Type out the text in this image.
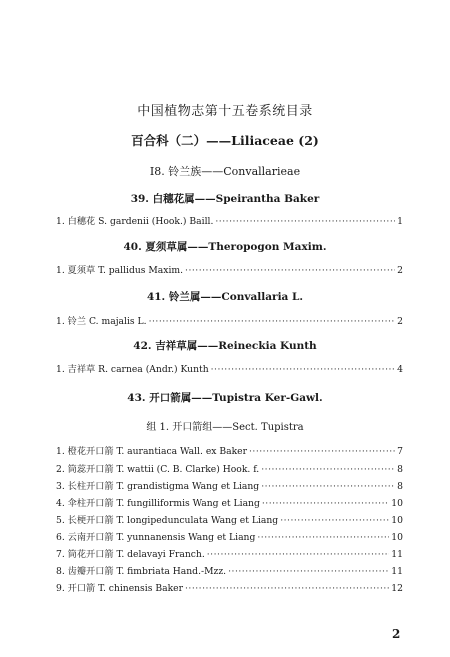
中国植物志第十五卷系统目录
百合科（二）——Liliaceae (2)
I8. 铃兰族——Convallarieae
39. 白穗花属——Speirantha Baker
1. 白穗花 S. gardenii (Hook.) Baill. ·····	1
40. 夏须草属——Theropogon Maxim.
1. 夏须草 T. pallidus Maxim. ·····	2
41. 铃兰属——Convallaria L.
1. 铃兰 C. majalis L. ·····	2
42. 吉祥草属——Reineckia Kunth
1. 吉祥草 R. carnea (Andr.) Kunth ·····	4
43. 开口箭属——Tupistra Ker-Gawl.
组 1. 开口箭组——Sect. Tupistra
1. 橙花开口箭 T. aurantiaca Wall. ex Baker ·····	7
2. 筒蕊开口箭 T. wattii (C. B. Clarke) Hook. f. ·····	8
3. 长柱开口箭 T. grandistigma Wang et Liang ·····	8
4. 伞柱开口箭 T. fungilliformis Wang et Liang ·····	10
5. 长梗开口箭 T. longipedunculata Wang et Liang ·····	10
6. 云南开口箭 T. yunnanensis Wang et Liang ·····	10
7. 筒花开口箭 T. delavayi Franch. ·····	11
8. 齿瓣开口箭 T. fimbriata Hand.-Mzz. ·····	11
9. 开口箭 T. chinensis Baker ·····	12
2
